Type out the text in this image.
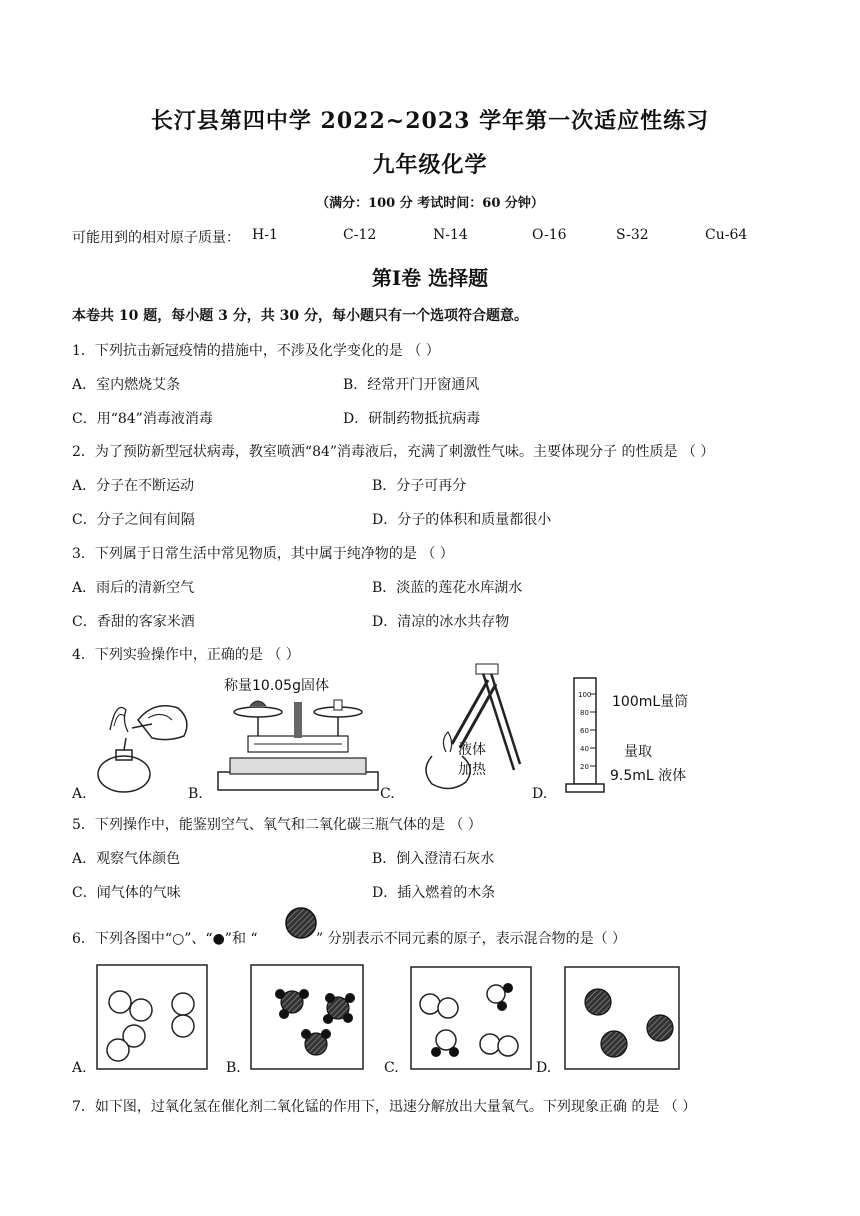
长汀县第四中学 2022~2023 学年第一次适应性练习
九年级化学
（满分：100 分 考试时间：60 分钟）
可能用到的相对原子质量： H-1	C-12	N-14	O-16	S-32	Cu-64
第Ⅰ卷 选择题
本卷共 10 题，每小题 3 分，共 30 分，每小题只有一个选项符合题意。
1．下列抗击新冠疫情的措施中，不涉及化学变化的是 （ ）
A．室内燃烧艾条	B．经常开门开窗通风
C．用“84”消毒液消毒	D．研制药物抵抗病毒
2．为了预防新型冠状病毒，教室喷洒“84”消毒液后，充满了刺激性气味。主要体现分子 的性质是 （ ）
A．分子在不断运动	B．分子可再分
C．分子之间有间隔	D．分子的体积和质量都很小
3．下列属于日常生活中常见物质，其中属于纯净物的是 （ ）
A．雨后的清新空气	B．淡蓝的莲花水库湖水
C．香甜的客家米酒	D．清凉的冰水共存物
4．下列实验操作中，正确的是 （ ）
A.
称量10.05g固体
B.
液体
加热
C.
100
80
60
40
20
100mL量筒
量取
9.5mL 液体
D.
5．下列操作中，能鉴别空气、氧气和二氧化碳三瓶气体的是 （ ）
A．观察气体颜色	B．倒入澄清石灰水
C．闻气体的气味	D．插入燃着的木条
6．下列各图中“○”、“●”和 “	” 分别表示不同元素的原子，表示混合物的是（ ）
A.	B.	C.	D.
7．如下图，过氧化氢在催化剂二氧化锰的作用下，迅速分解放出大量氧气。下列现象正确 的是 （ ）
